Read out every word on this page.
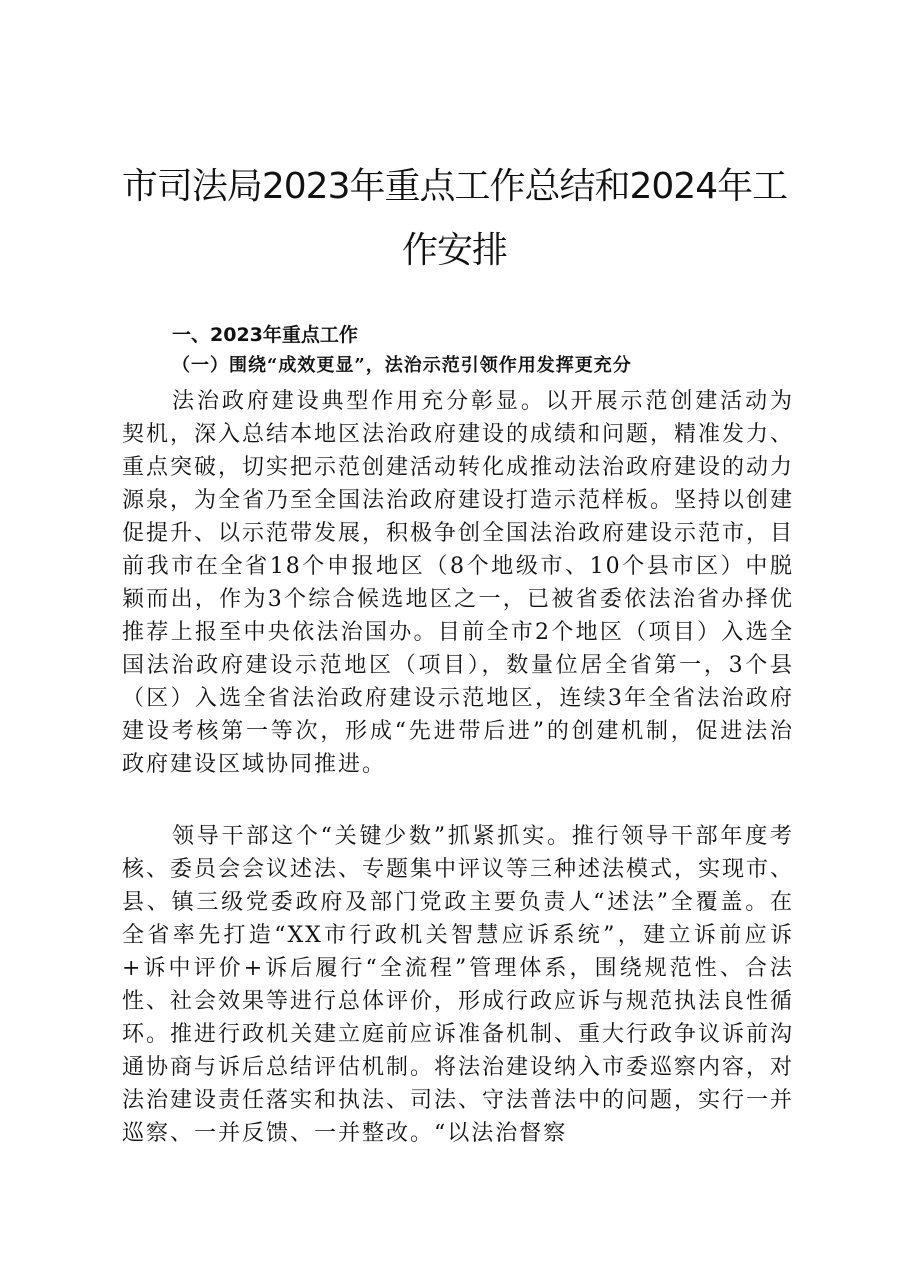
市司法局2023年重点工作总结和2024年工
作安排
一、2023年重点工作
（一）围绕“成效更显”，法治示范引领作用发挥更充分

法治政府建设典型作用充分彰显。以开展示范创建活动为契机，深入总结本地区法治政府建设的成绩和问题，精准发力、重点突破，切实把示范创建活动转化成推动法治政府建设的动力源泉，为全省乃至全国法治政府建设打造示范样板。坚持以创建促提升、以示范带发展，积极争创全国法治政府建设示范市，目前我市在全省18个申报地区（8个地级市、10个县市区）中脱颖而出，作为3个综合候选地区之一，已被省委依法治省办择优推荐上报至中央依法治国办。目前全市2个地区（项目）入选全国法治政府建设示范地区（项目），数量位居全省第一，3个县（区）入选全省法治政府建设示范地区，连续3年全省法治政府建设考核第一等次，形成“先进带后进”的创建机制，促进法治政府建设区域协同推进。

领导干部这个“关键少数”抓紧抓实。推行领导干部年度考核、委员会会议述法、专题集中评议等三种述法模式，实现市、县、镇三级党委政府及部门党政主要负责人“述法”全覆盖。在全省率先打造“XX市行政机关智慧应诉系统”，建立诉前应诉+诉中评价+诉后履行“全流程”管理体系，围绕规范性、合法性、社会效果等进行总体评价，形成行政应诉与规范执法良性循环。推进行政机关建立庭前应诉准备机制、重大行政争议诉前沟通协商与诉后总结评估机制。将法治建设纳入市委巡察内容，对法治建设责任落实和执法、司法、守法普法中的问题，实行一并巡察、一并反馈、一并整改。“以法治督察
